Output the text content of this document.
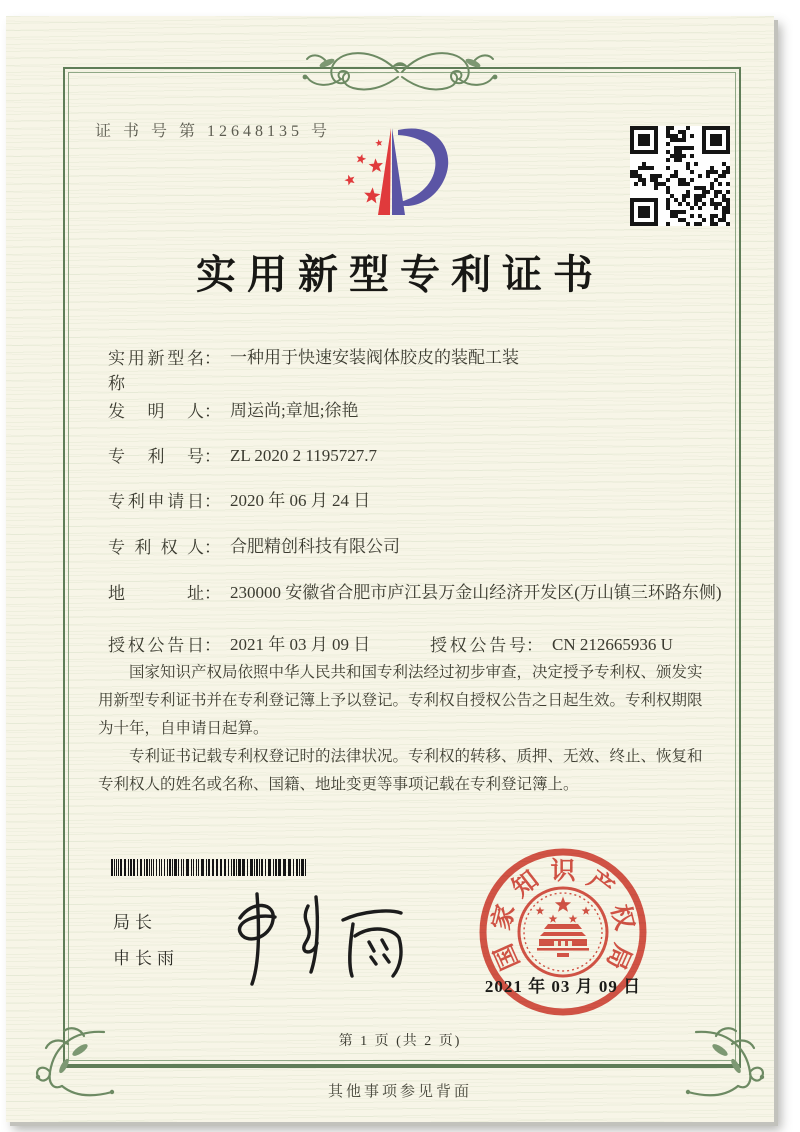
证 书 号 第 12648135 号
实用新型专利证书
实用新型名称： 一种用于快速安装阀体胶皮的装配工装
发明人： 周运尚;章旭;徐艳
专利号： ZL 2020 2 1195727.7
专利申请日： 2020 年 06 月 24 日
专利权人： 合肥精创科技有限公司
地址： 230000 安徽省合肥市庐江县万金山经济开发区(万山镇三环路东侧)
授权公告日： 2021 年 03 月 09 日	授权公告号： CN 212665936 U

国家知识产权局依照中华人民共和国专利法经过初步审查，决定授予专利权、颁发实用新型专利证书并在专利登记簿上予以登记。专利权自授权公告之日起生效。专利权期限为十年，自申请日起算。

专利证书记载专利权登记时的法律状况。专利权的转移、质押、无效、终止、恢复和专利权人的姓名或名称、国籍、地址变更等事项记载在专利登记簿上。

局长
申长雨	国
家
知 识 产
权
局
2021 年 03 月 09 日
第 1 页 (共 2 页)
其他事项参见背面
